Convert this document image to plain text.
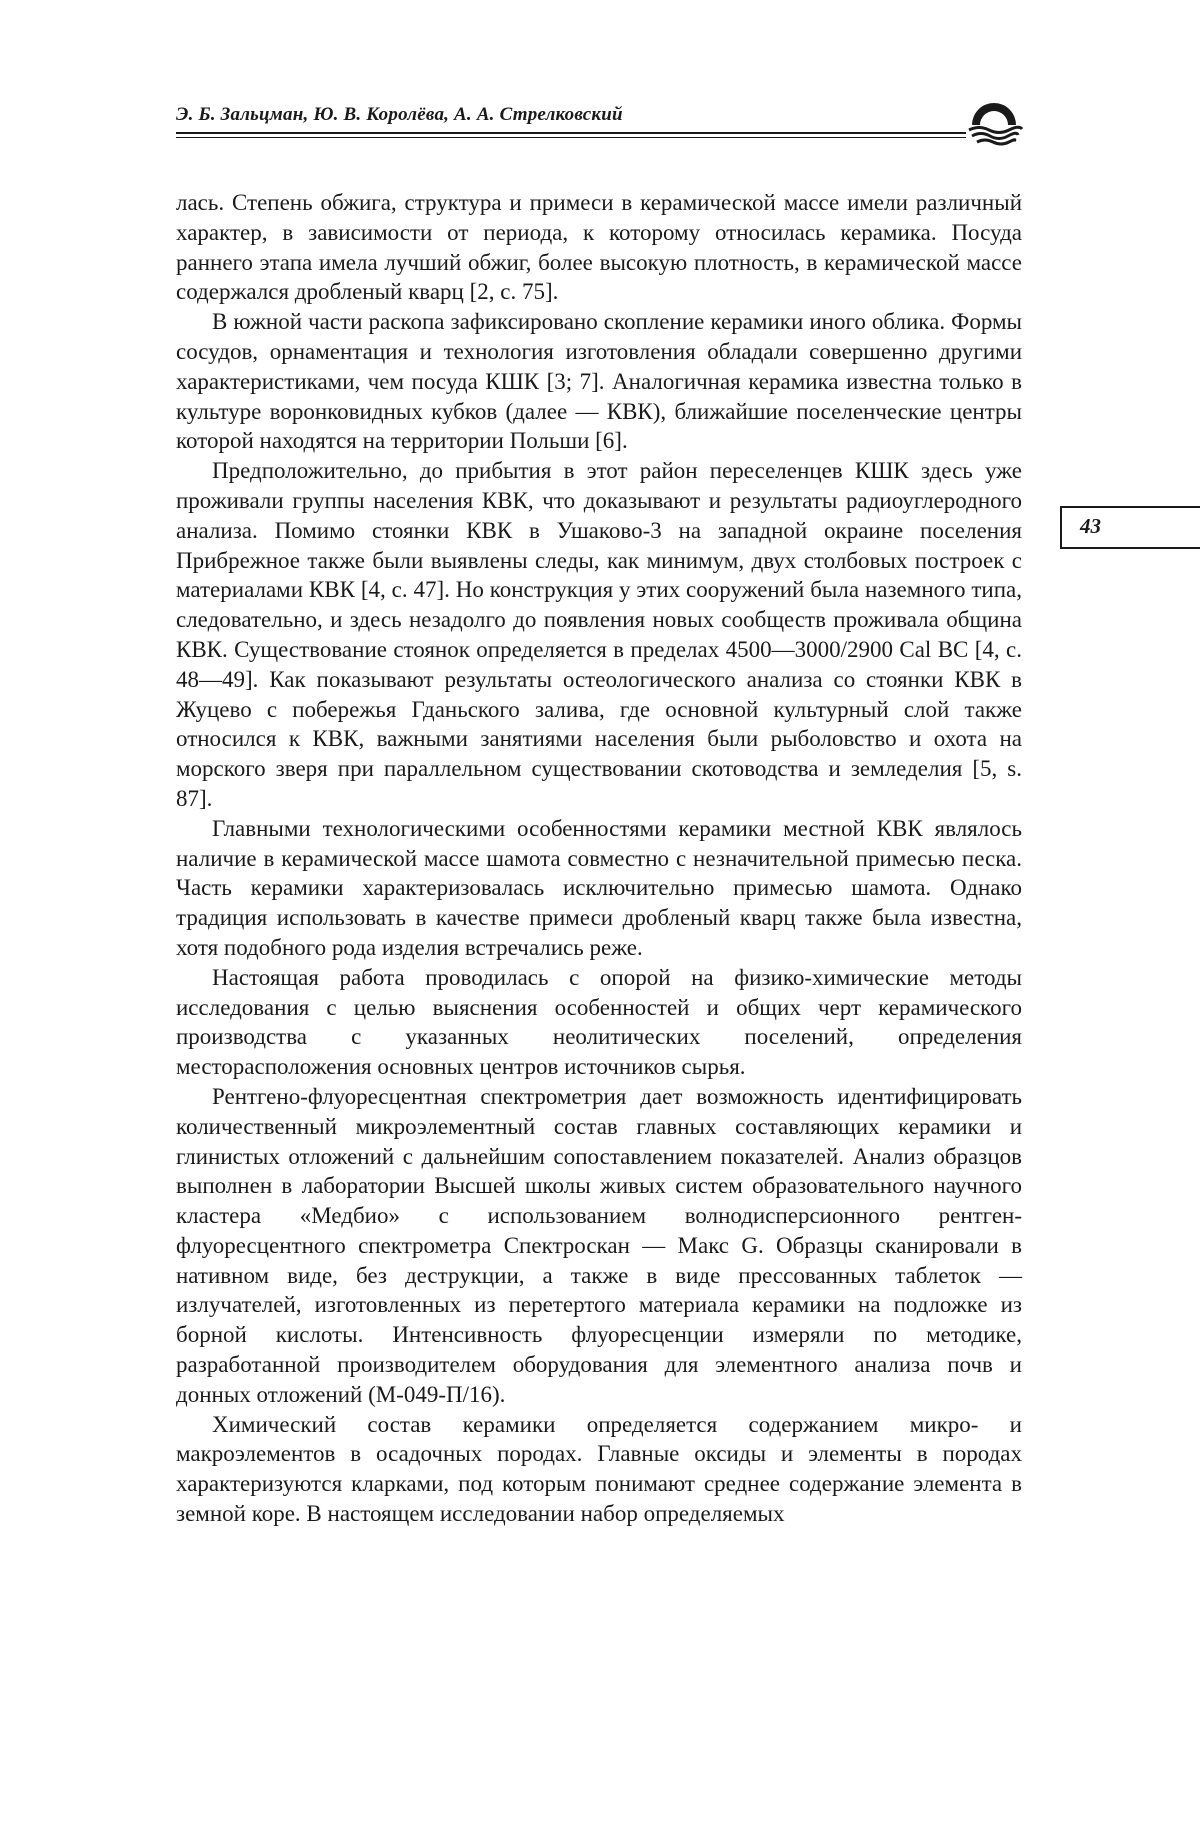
Э. Б. Зальцман, Ю. В. Королёва, А. А. Стрелковский
43

лась. Степень обжига, структура и примеси в керамической массе имели различный характер, в зависимости от периода, к которому относилась керамика. Посуда раннего этапа имела лучший обжиг, более высокую плотность, в керамической массе содержался дробленый кварц [2, с. 75].

В южной части раскопа зафиксировано скопление керамики иного облика. Формы сосудов, орнаментация и технология изготовления обладали совершенно другими характеристиками, чем посуда КШК [3; 7]. Аналогичная керамика известна только в культуре воронковидных кубков (далее — КВК), ближайшие поселенческие центры которой находятся на территории Польши [6].

Предположительно, до прибытия в этот район переселенцев КШК здесь уже проживали группы населения КВК, что доказывают и результаты радиоуглеродного анализа. Помимо стоянки КВК в Ушаково-3 на западной окраине поселения Прибрежное также были выявлены следы, как минимум, двух столбовых построек с материалами КВК [4, с. 47]. Но конструкция у этих сооружений была наземного типа, следовательно, и здесь незадолго до появления новых сообществ проживала община КВК. Существование стоянок определяется в пределах 4500—3000/2900 Cal BC [4, с. 48—49]. Как показывают результаты остеологического анализа со стоянки КВК в Жуцево с побережья Гданьского залива, где основной культурный слой также относился к КВК, важными занятиями населения были рыболовство и охота на морского зверя при параллельном существовании скотоводства и земледелия [5, s. 87].

Главными технологическими особенностями керамики местной КВК являлось наличие в керамической массе шамота совместно с незначительной примесью песка. Часть керамики характеризовалась исключительно примесью шамота. Однако традиция использовать в качестве примеси дробленый кварц также была известна, хотя подобного рода изделия встречались реже.

Настоящая работа проводилась с опорой на физико-химические методы исследования с целью выяснения особенностей и общих черт керамического производства с указанных неолитических поселений, определения месторасположения основных центров источников сырья.

Рентгено-флуоресцентная спектрометрия дает возможность идентифицировать количественный микроэлементный состав главных составляющих керамики и глинистых отложений с дальнейшим сопоставлением показателей. Анализ образцов выполнен в лаборатории Высшей школы живых систем образовательного научного кластера «Медбио» с использованием волнодисперсионного рентген-флуоресцентного спектрометра Спектроскан — Макс G. Образцы сканировали в нативном виде, без деструкции, а также в виде прессованных таблеток — излучателей, изготовленных из перетертого материала керамики на подложке из борной кислоты. Интенсивность флуоресценции измеряли по методике, разработанной производителем оборудования для элементного анализа почв и донных отложений (М-049-П/16).

Химический состав керамики определяется содержанием микро- и макроэлементов в осадочных породах. Главные оксиды и элементы в породах характеризуются кларками, под которым понимают среднее содержание элемента в земной коре. В настоящем исследовании набор определяемых
